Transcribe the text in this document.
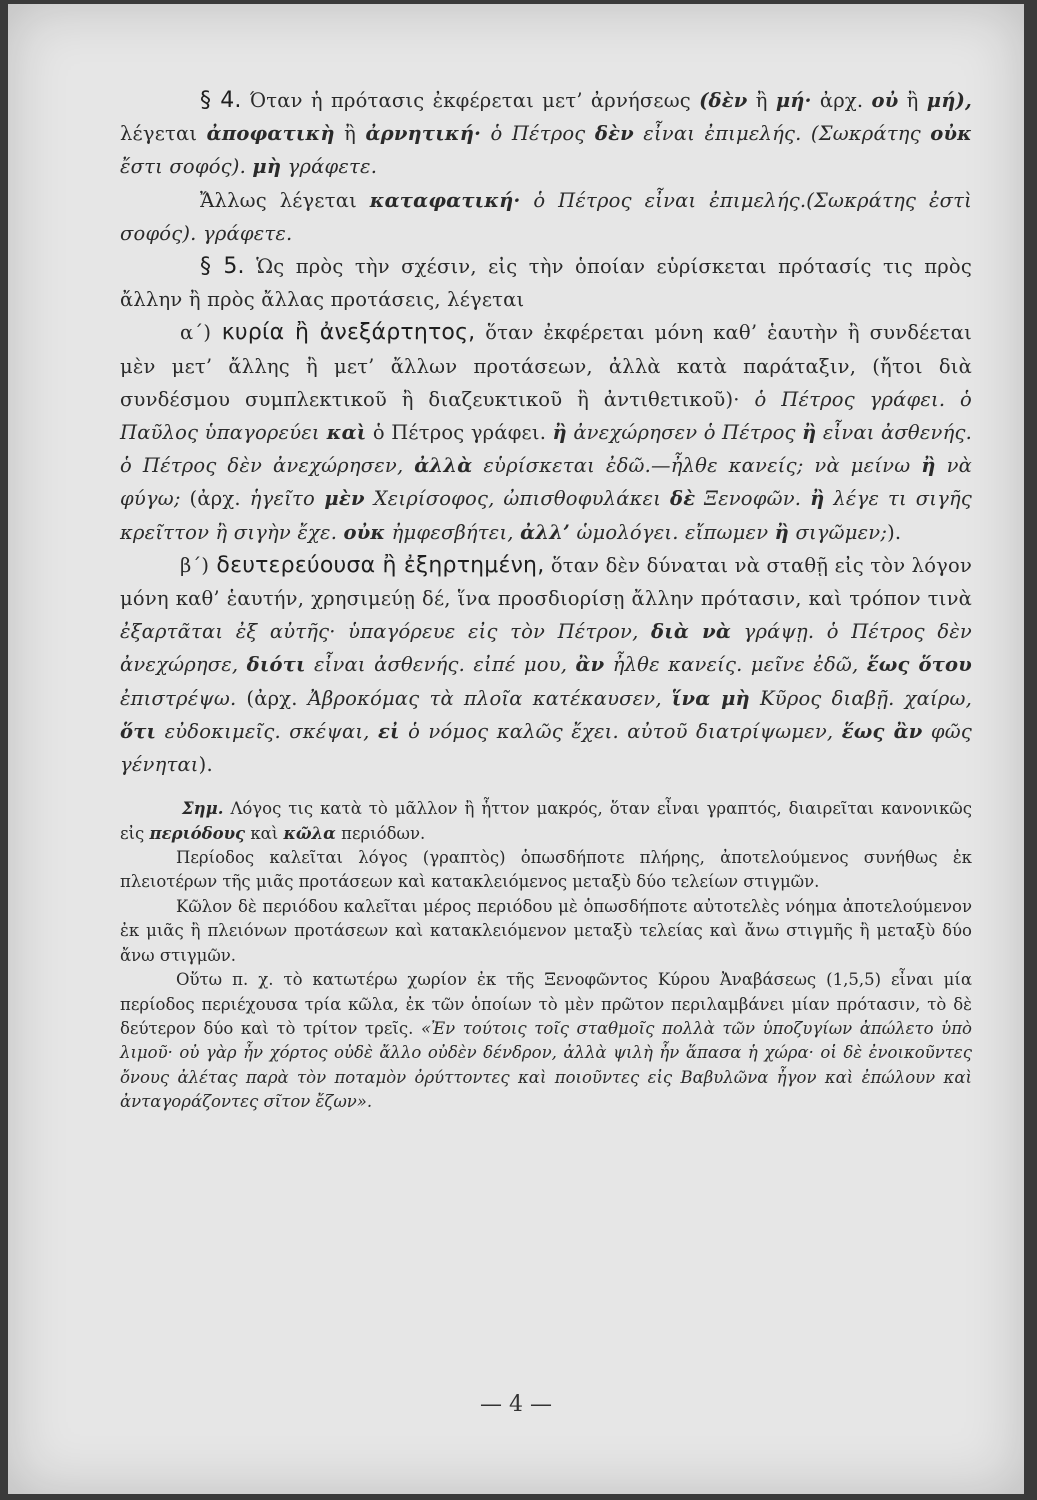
§ 4. Όταν ἡ πρότασις ἐκφέρεται μετ’ ἀρνήσεως (δὲν ἢ μή· ἀρχ. οὐ ἢ μή), λέγεται ἀποφατικὴ ἢ ἀρνητική· ὁ Πέτρος δὲν εἶναι ἐπιμελής. (Σωκράτης οὐκ ἔστι σοφός). μὴ γράφετε.

Ἄλλως λέγεται καταφατική· ὁ Πέτρος εἶναι ἐπιμελής.(Σωκράτης ἐστὶ σοφός). γράφετε.

§ 5. Ὡς πρὸς τὴν σχέσιν, εἰς τὴν ὁποίαν εὑρίσκεται πρότασίς τις πρὸς ἄλλην ἢ πρὸς ἄλλας προτάσεις, λέγεται

α΄) κυρία ἢ ἀνεξάρτητος, ὅταν ἐκφέρεται μόνη καθ’ ἑαυτὴν ἢ συνδέεται μὲν μετ’ ἄλλης ἢ μετ’ ἄλλων προτάσεων, ἀλλὰ κατὰ παράταξιν, (ἤτοι διὰ συνδέσμου συμπλεκτικοῦ ἢ διαζευκτικοῦ ἢ ἀντιθετικοῦ)· ὁ Πέτρος γράφει. ὁ Παῦλος ὑπαγορεύει καὶ ὁ Πέτρος γράφει. ἢ ἀνεχώρησεν ὁ Πέτρος ἢ εἶναι ἀσθενής. ὁ Πέτρος δὲν ἀνεχώρησεν, ἀλλὰ εὑρίσκεται ἐδῶ.—ἦλθε κανείς; νὰ μείνω ἢ νὰ φύγω; (ἀρχ. ἡγεῖτο μὲν Χειρίσοφος, ὠπισθοφυλάκει δὲ Ξενοφῶν. ἢ λέγε τι σιγῆς κρεῖττον ἢ σιγὴν ἔχε. οὐκ ἠμφεσβήτει, ἀλλ’ ὡμολόγει. εἴπωμεν ἢ σιγῶμεν;).

β΄) δευτερεύουσα ἢ ἐξηρτημένη, ὅταν δὲν δύναται νὰ σταθῇ εἰς τὸν λόγον μόνη καθ’ ἑαυτήν, χρησιμεύῃ δέ, ἵνα προσδιορίσῃ ἄλλην πρότασιν, καὶ τρόπον τινὰ ἐξαρτᾶται ἐξ αὐτῆς· ὑπαγόρευε εἰς τὸν Πέτρον, διὰ νὰ γράψῃ. ὁ Πέτρος δὲν ἀνεχώρησε, διότι εἶναι ἀσθενής. εἰπέ μου, ἂν ἦλθε κανείς. μεῖνε ἐδῶ, ἕως ὅτου ἐπιστρέψω. (ἀρχ. Ἀβροκόμας τὰ πλοῖα κατέκαυσεν, ἵνα μὴ Κῦρος διαβῇ. χαίρω, ὅτι εὐδοκιμεῖς. σκέψαι, εἰ ὁ νόμος καλῶς ἔχει. αὐτοῦ διατρίψωμεν, ἕως ἂν φῶς γένηται).

Σημ. Λόγος τις κατὰ τὸ μᾶλλον ἢ ἧττον μακρός, ὅταν εἶναι γραπτός, διαιρεῖται κανονικῶς εἰς περιόδους καὶ κῶλα περιόδων.

Περίοδος καλεῖται λόγος (γραπτὸς) ὁπωσδήποτε πλήρης, ἀποτελούμενος συνήθως ἐκ πλειοτέρων τῆς μιᾶς προτάσεων καὶ κατακλειόμενος μεταξὺ δύο τελείων στιγμῶν.

Κῶλον δὲ περιόδου καλεῖται μέρος περιόδου μὲ ὁπωσδήποτε αὐτοτελὲς νόημα ἀποτελούμενον ἐκ μιᾶς ἢ πλειόνων προτάσεων καὶ κατακλειόμενον μεταξὺ τελείας καὶ ἄνω στιγμῆς ἢ μεταξὺ δύο ἄνω στιγμῶν.

Οὕτω π. χ. τὸ κατωτέρω χωρίον ἐκ τῆς Ξενοφῶντος Κύρου Ἀναβάσεως (1,5,5) εἶναι μία περίοδος περιέχουσα τρία κῶλα, ἐκ τῶν ὁποίων τὸ μὲν πρῶτον περιλαμβάνει μίαν πρότασιν, τὸ δὲ δεύτερον δύο καὶ τὸ τρίτον τρεῖς. «Ἐν τούτοις τοῖς σταθμοῖς πολλὰ τῶν ὑποζυγίων ἀπώλετο ὑπὸ λιμοῦ· οὐ γὰρ ἦν χόρτος οὐδὲ ἄλλο οὐδὲν δένδρον, ἀλλὰ ψιλὴ ἦν ἅπασα ἡ χώρα· οἱ δὲ ἐνοικοῦντες ὄνους ἀλέτας παρὰ τὸν ποταμὸν ὀρύττοντες καὶ ποιοῦντες εἰς Βαβυλῶνα ἦγον καὶ ἐπώλουν καὶ ἀνταγοράζοντες σῖτον ἔζων».

— 4 —
